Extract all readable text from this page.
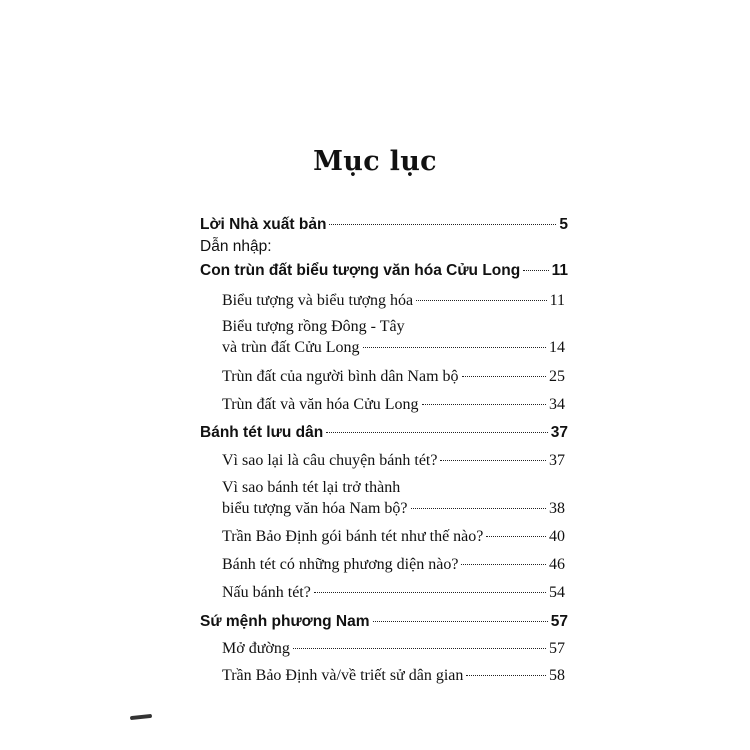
Mục lục
Lời Nhà xuất bản	5
Dẫn nhập:
Con trùn đất biểu tượng văn hóa Cửu Long 11
Biểu tượng và biểu tượng hóa	11
Biểu tượng rồng Đông - Tây
và trùn đất Cửu Long	14
Trùn đất của người bình dân Nam bộ	25
Trùn đất và văn hóa Cửu Long	34
Bánh tét lưu dân	37
Vì sao lại là câu chuyện bánh tét?	37
Vì sao bánh tét lại trở thành
biểu tượng văn hóa Nam bộ?	38
Trần Bảo Định gói bánh tét như thế nào?	40
Bánh tét có những phương diện nào?	46
Nấu bánh tét?	54
Sứ mệnh phương Nam	57
Mở đường	57
Trần Bảo Định và/về triết sử dân gian	58
